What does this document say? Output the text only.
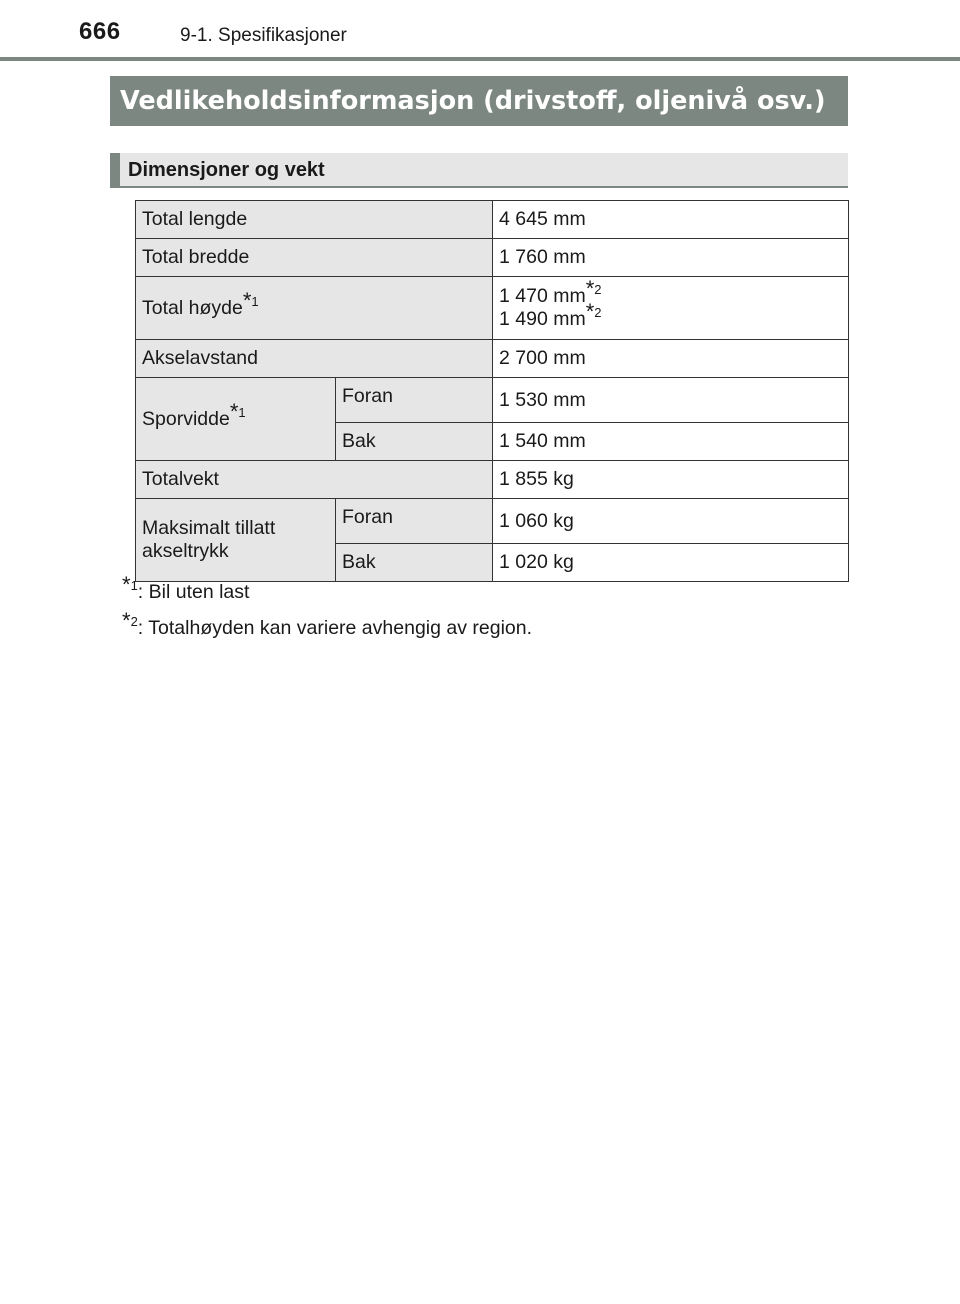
666	9-1. Spesifikasjoner
Vedlikeholdsinformasjon (drivstoff, oljenivå osv.)
Dimensjoner og vekt
Total lengde		4 645 mm
Total bredde		1 760 mm
Total høyde*$^1$		1 470 mm*$^2$
1 490 mm*$^2$
Akselavstand		2 700 mm
Sporvidde*$^1$	Foran	1 530 mm
	Bak	1 540 mm
Totalvekt		1 855 kg
Maksimalt tillatt
akseltrykk	Foran	1 060 kg
	Bak	1 020 kg
*$^1$: Bil uten last
*$^2$: Totalhøyden kan variere avhengig av region.
